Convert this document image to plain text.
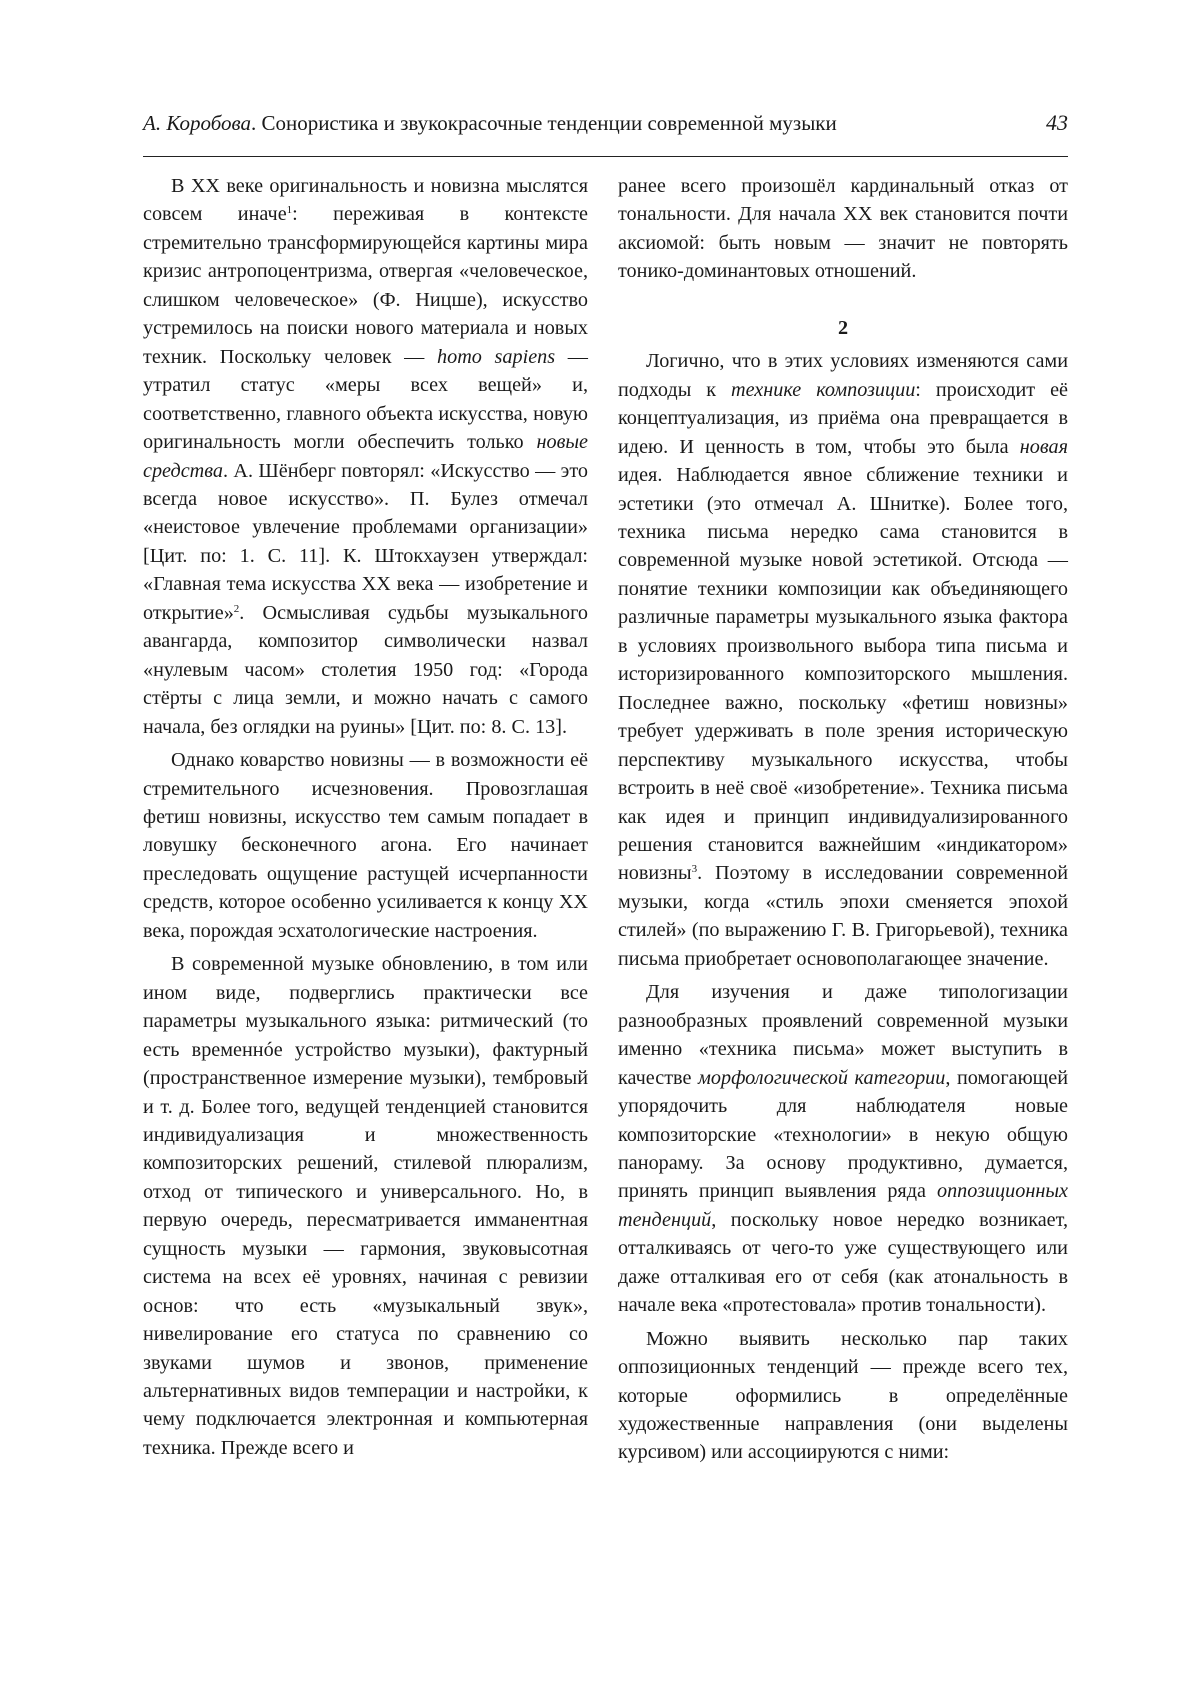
А. Коробова. Сонористика и звукокрасочные тенденции современной музыки	43

В XX веке оригинальность и новизна мыслятся совсем иначе$^1$: переживая в контексте стремительно трансформирующейся картины мира кризис антропоцентризма, отвергая «человеческое, слишком человеческое» (Ф. Ницше), искусство устремилось на поиски нового материала и новых техник. Поскольку человек — homo sapiens — утратил статус «меры всех вещей» и, соответственно, главного объекта искусства, новую оригинальность могли обеспечить только новые средства. А. Шёнберг повторял: «Искусство — это всегда новое искусство». П. Булез отмечал «неистовое увлечение проблемами организации» [Цит. по: 1. С. 11]. К. Штокхаузен утверждал: «Главная тема искусства XX века — изобретение и открытие»$^2$. Осмысливая судьбы музыкального авангарда, композитор символически назвал «нулевым часом» столетия 1950 год: «Города стёрты с лица земли, и можно начать с самого начала, без оглядки на руины» [Цит. по: 8. С. 13].

Однако коварство новизны — в возможности её стремительного исчезновения. Провозглашая фетиш новизны, искусство тем самым попадает в ловушку бесконечного агона. Его начинает преследовать ощущение растущей исчерпанности средств, которое особенно усиливается к концу XX века, порождая эсхатологические настроения.

В современной музыке обновлению, в том или ином виде, подверглись практически все параметры музыкального языка: ритмический (то есть временнóе устройство музыки), фактурный (пространственное измерение музыки), тембровый и т. д. Более того, ведущей тенденцией становится индивидуализация и множественность композиторских решений, стилевой плюрализм, отход от типического и универсального. Но, в первую очередь, пересматривается имманентная сущность музыки — гармония, звуковысотная система на всех её уровнях, начиная с ревизии основ: что есть «музыкальный звук», нивелирование его статуса по сравнению со звуками шумов и звонов, применение альтернативных видов темперации и настройки, к чему подключается электронная и компьютерная техника. Прежде всего и

ранее всего произошёл кардинальный отказ от тональности. Для начала XX век становится почти аксиомой: быть новым — значит не повторять тонико-доминантовых отношений.

2

Логично, что в этих условиях изменяются сами подходы к технике композиции: происходит её концептуализация, из приёма она превращается в идею. И ценность в том, чтобы это была новая идея. Наблюдается явное сближение техники и эстетики (это отмечал А. Шнитке). Более того, техника письма нередко сама становится в современной музыке новой эстетикой. Отсюда — понятие техники композиции как объединяющего различные параметры музыкального языка фактора в условиях произвольного выбора типа письма и историзированного композиторского мышления. Последнее важно, поскольку «фетиш новизны» требует удерживать в поле зрения историческую перспективу музыкального искусства, чтобы встроить в неё своё «изобретение». Техника письма как идея и принцип индивидуализированного решения становится важнейшим «индикатором» новизны$^3$. Поэтому в исследовании современной музыки, когда «стиль эпохи сменяется эпохой стилей» (по выражению Г. В. Григорьевой), техника письма приобретает основополагающее значение.

Для изучения и даже типологизации разнообразных проявлений современной музыки именно «техника письма» может выступить в качестве морфологической категории, помогающей упорядочить для наблюдателя новые композиторские «технологии» в некую общую панораму. За основу продуктивно, думается, принять принцип выявления ряда оппозиционных тенденций, поскольку новое нередко возникает, отталкиваясь от чего-то уже существующего или даже отталкивая его от себя (как атональность в начале века «протестовала» против тональности).

Можно выявить несколько пар таких оппозиционных тенденций — прежде всего тех, которые оформились в определённые художественные направления (они выделены курсивом) или ассоциируются с ними:
